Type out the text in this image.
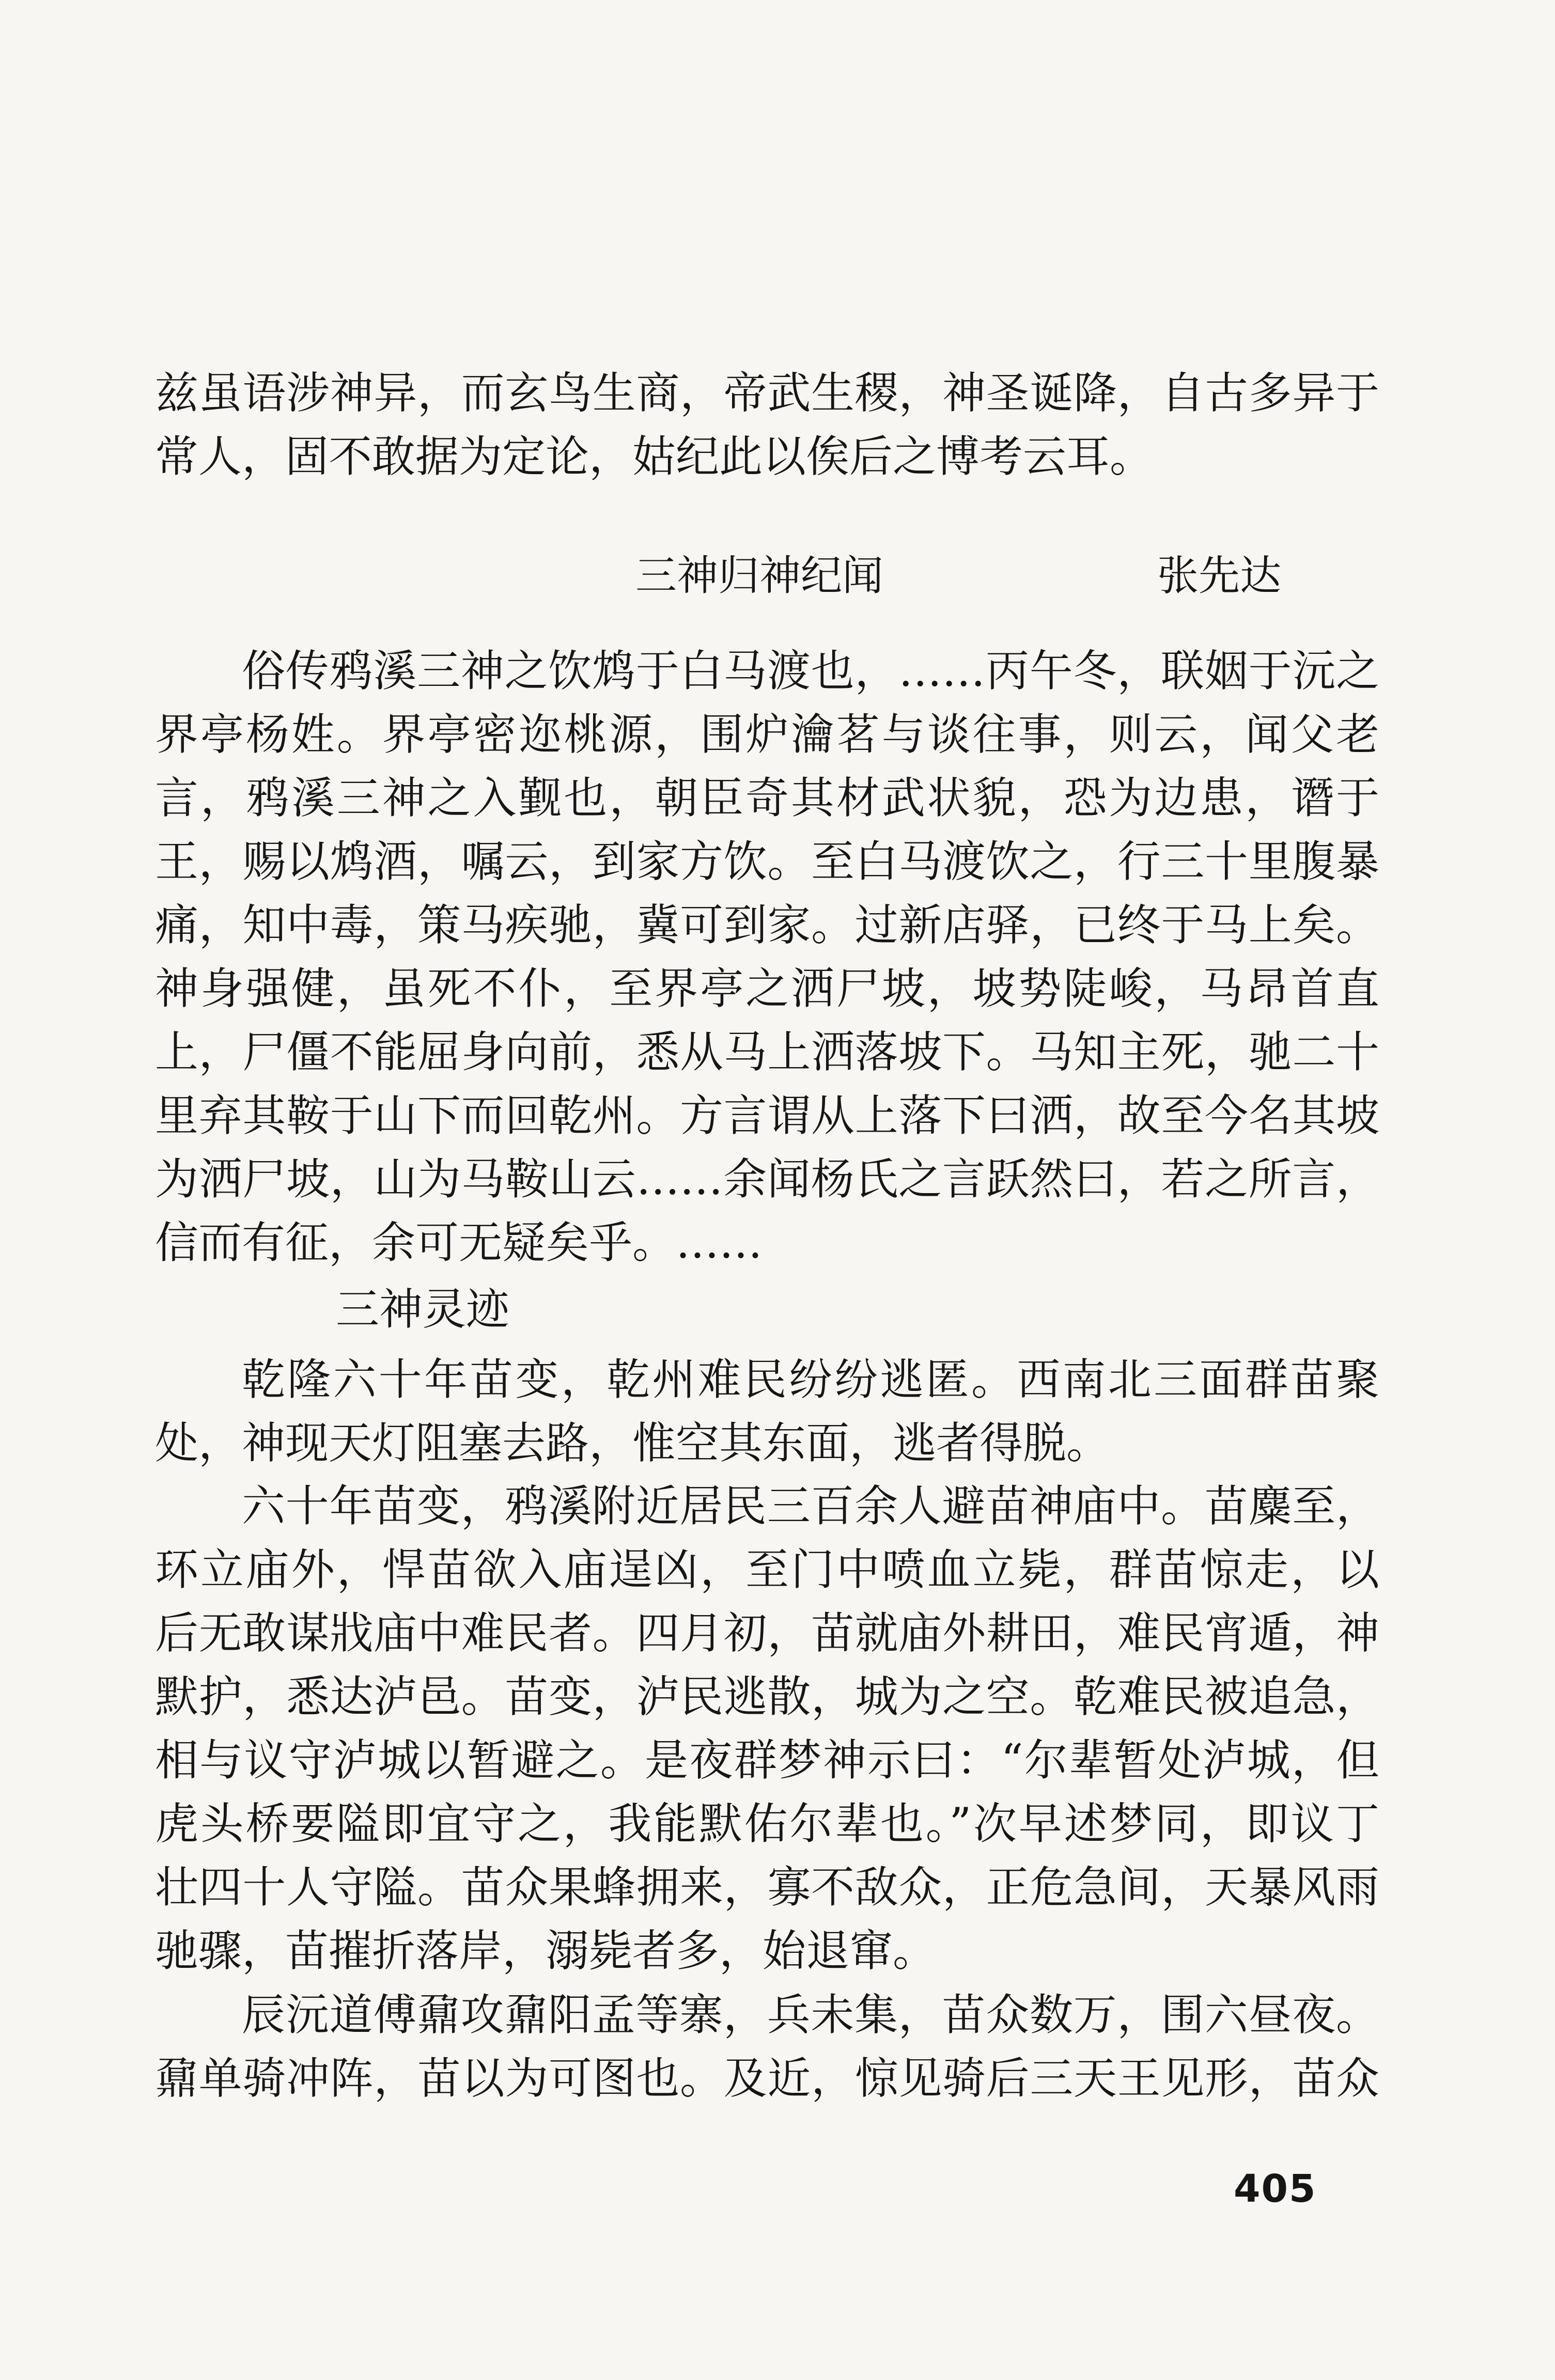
兹虽语涉神异，而玄鸟生商，帝武生稷，神圣诞降，自古多异于

常人，固不敢据为定论，姑纪此以俟后之博考云耳。

三神归神纪闻	张先达

俗传鸦溪三神之饮鸩于白马渡也，……丙午冬，联姻于沅之

界亭杨姓。界亭密迩桃源，围炉瀹茗与谈往事，则云，闻父老

言，鸦溪三神之入觐也，朝臣奇其材武状貌，恐为边患，谮于

王，赐以鸩酒，嘱云，到家方饮。至白马渡饮之，行三十里腹暴

痛，知中毒，策马疾驰，冀可到家。过新店驿，已终于马上矣。

神身强健，虽死不仆，至界亭之洒尸坡，坡势陡峻，马昂首直

上，尸僵不能屈身向前，悉从马上洒落坡下。马知主死，驰二十

里弃其鞍于山下而回乾州。方言谓从上落下曰洒，故至今名其坡

为洒尸坡，山为马鞍山云……余闻杨氏之言跃然曰，若之所言，

信而有征，余可无疑矣乎。……

三神灵迹

乾隆六十年苗变，乾州难民纷纷逃匿。西南北三面群苗聚

处，神现天灯阻塞去路，惟空其东面，逃者得脱。

六十年苗变，鸦溪附近居民三百余人避苗神庙中。苗麋至，

环立庙外，悍苗欲入庙逞凶，至门中喷血立毙，群苗惊走，以

后无敢谋戕庙中难民者。四月初，苗就庙外耕田，难民宵遁，神

默护，悉达泸邑。苗变，泸民逃散，城为之空。乾难民被追急，

相与议守泸城以暂避之。是夜群梦神示曰：“尔辈暂处泸城，但

虎头桥要隘即宜守之，我能默佑尔辈也。”次早述梦同，即议丁

壮四十人守隘。苗众果蜂拥来，寡不敌众，正危急间，天暴风雨

驰骤，苗摧折落岸，溺毙者多，始退窜。

辰沅道傅鼐攻鼐阳孟等寨，兵未集，苗众数万，围六昼夜。

鼐单骑冲阵，苗以为可图也。及近，惊见骑后三天王见形，苗众

405
